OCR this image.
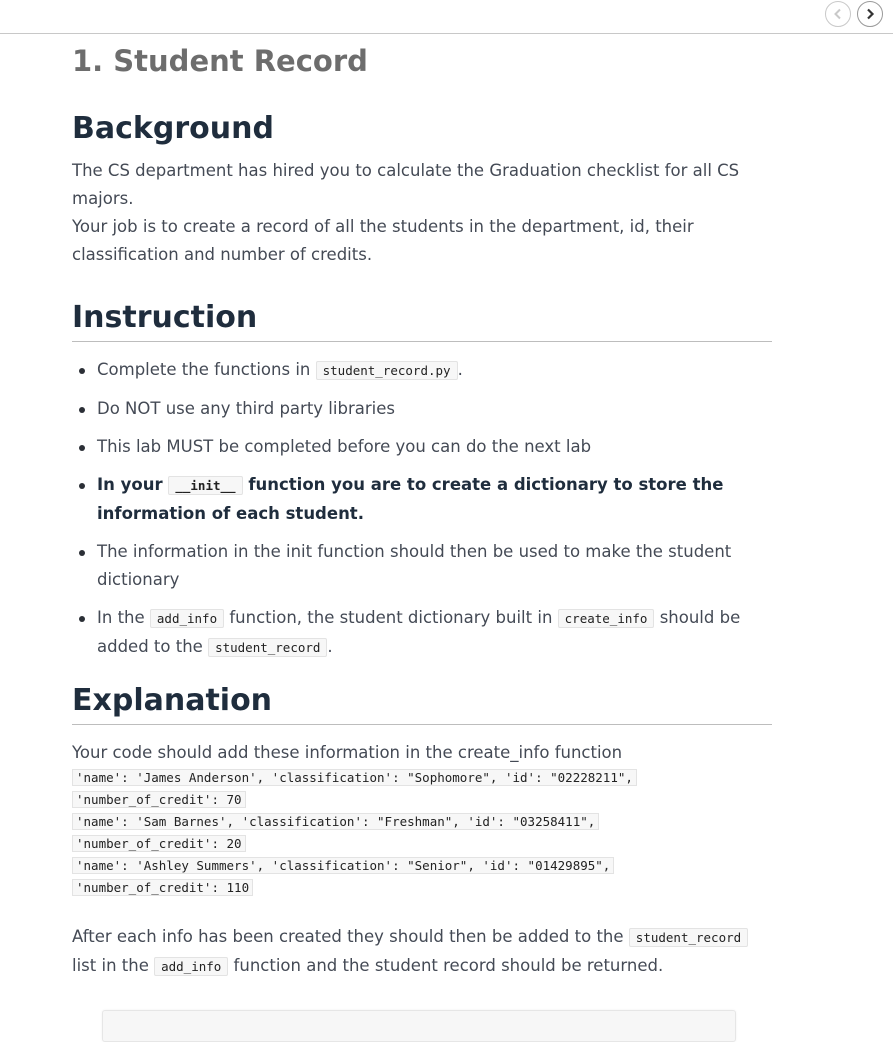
1. Student Record
Background

The CS department has hired you to calculate the Graduation checklist for all CS majors.

Your job is to create a record of all the students in the department, id, their classification and number of credits.

Instruction
Complete the functions in student_record.py .
Do NOT use any third party libraries
This lab MUST be completed before you can do the next lab
In your __init__ function you are to create a dictionary to store the information of each student.
The information in the init function should then be used to make the student dictionary
In the add_info function, the student dictionary built in create_info should be added to the student_record .
Explanation

Your code should add these information in the create_info function

'name': 'James Anderson', 'classification': "Sophomore", 'id': "02228211",
'number_of_credit': 70
'name': 'Sam Barnes', 'classification': "Freshman", 'id': "03258411",
'number_of_credit': 20
'name': 'Ashley Summers', 'classification': "Senior", 'id': "01429895",
'number_of_credit': 110

After each info has been created they should then be added to the student_record list in the add_info function and the student record should be returned.
